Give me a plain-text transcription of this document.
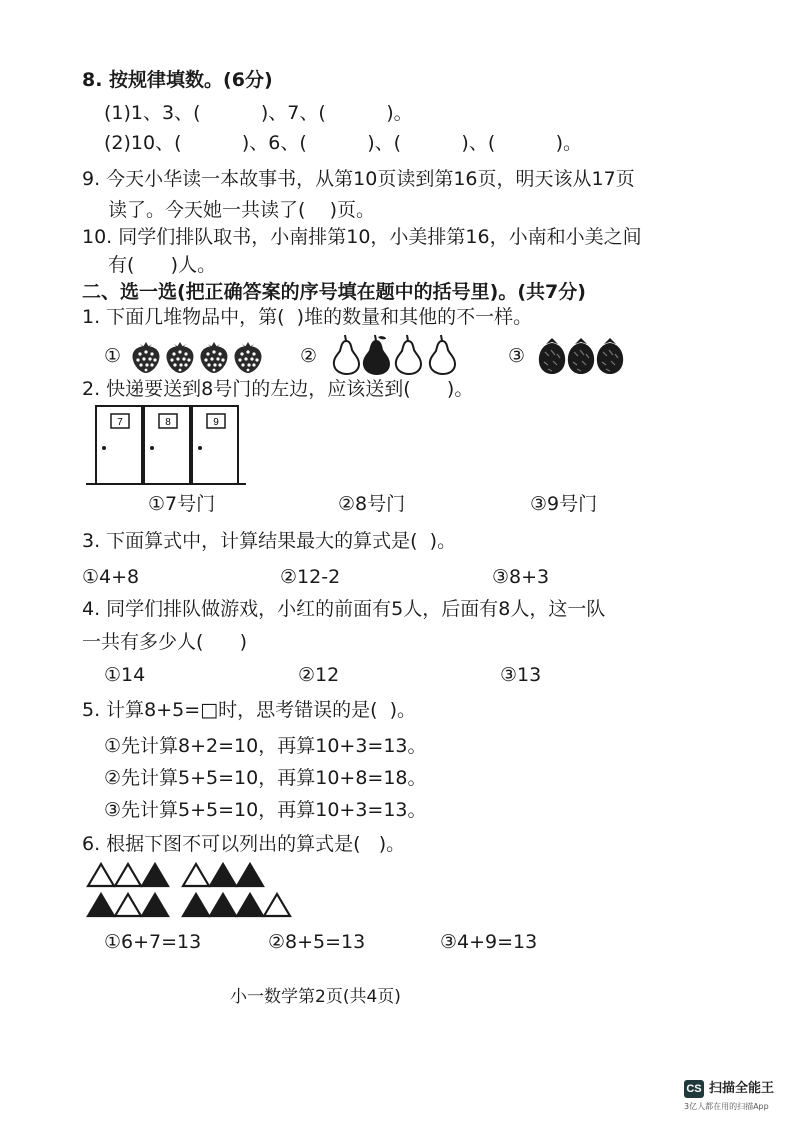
8. 按规律填数。(6分)
(1)1、3、(          )、7、(          )。
(2)10、(          )、6、(          )、(          )、(          )。
9. 今天小华读一本故事书，从第10页读到第16页，明天该从17页
读了。今天她一共读了(    )页。
10. 同学们排队取书，小南排第10，小美排第16，小南和小美之间
有(      )人。
二、选一选(把正确答案的序号填在题中的括号里)。(共7分)
1. 下面几堆物品中，第(  )堆的数量和其他的不一样。
①	②	③
2. 快递要送到8号门的左边，应该送到(      )。
7	8	9
①7号门	②8号门	③9号门
3. 下面算式中，计算结果最大的算式是(  )。
①4+8	②12-2	③8+3
4. 同学们排队做游戏，小红的前面有5人，后面有8人，这一队
一共有多少人(      )
①14	②12	③13
5. 计算8+5=□时，思考错误的是(  )。
①先计算8+2=10，再算10+3=13。
②先计算5+5=10，再算10+8=18。
③先计算5+5=10，再算10+3=13。
6. 根据下图不可以列出的算式是(   )。
①6+7=13	②8+5=13	③4+9=13
小一数学第2页(共4页)
CS 扫描全能王
3亿人都在用的扫描App
